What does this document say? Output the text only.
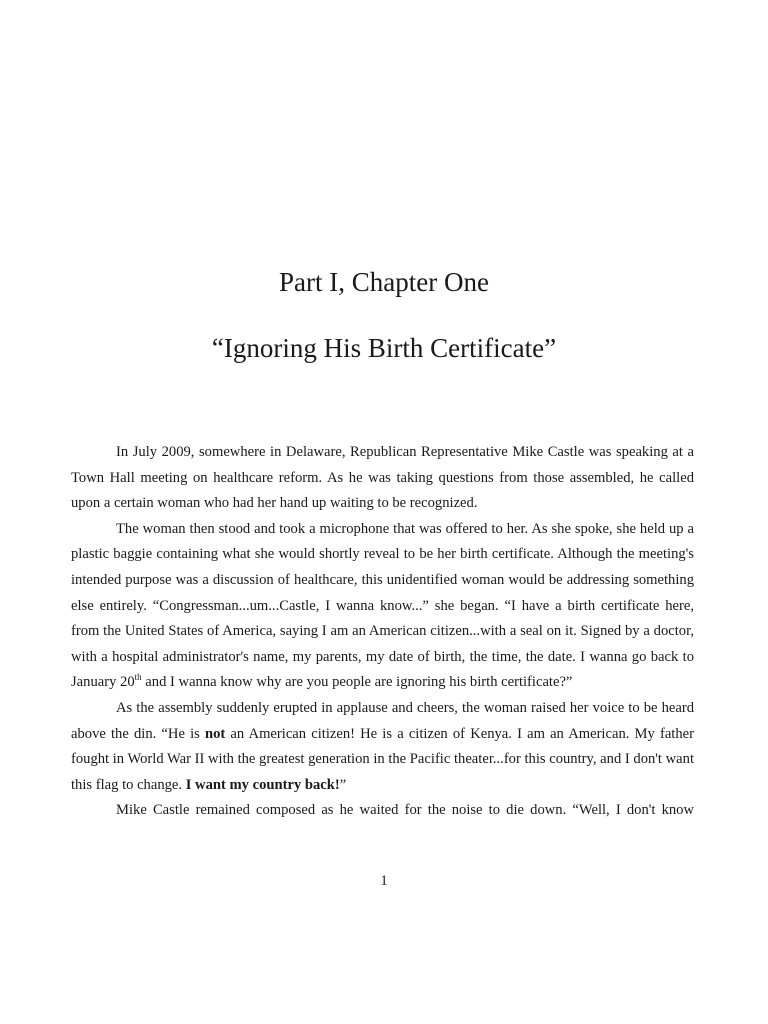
Part I, Chapter One
“Ignoring His Birth Certificate”

In July 2009, somewhere in Delaware, Republican Representative Mike Castle was speaking at a Town Hall meeting on healthcare reform. As he was taking questions from those assembled, he called upon a certain woman who had her hand up waiting to be recognized.

The woman then stood and took a microphone that was offered to her. As she spoke, she held up a plastic baggie containing what she would shortly reveal to be her birth certificate. Although the meeting's intended purpose was a discussion of healthcare, this unidentified woman would be addressing something else entirely. “Congressman...um...Castle, I wanna know...” she began. “I have a birth certificate here, from the United States of America, saying I am an American citizen...with a seal on it. Signed by a doctor, with a hospital administrator's name, my parents, my date of birth, the time, the date. I wanna go back to January 20th and I wanna know why are you people are ignoring his birth certificate?”

As the assembly suddenly erupted in applause and cheers, the woman raised her voice to be heard above the din. “He is not an American citizen! He is a citizen of Kenya. I am an American. My father fought in World War II with the greatest generation in the Pacific theater...for this country, and I don't want this flag to change. I want my country back!”

Mike Castle remained composed as he waited for the noise to die down. “Well, I don't know

1
